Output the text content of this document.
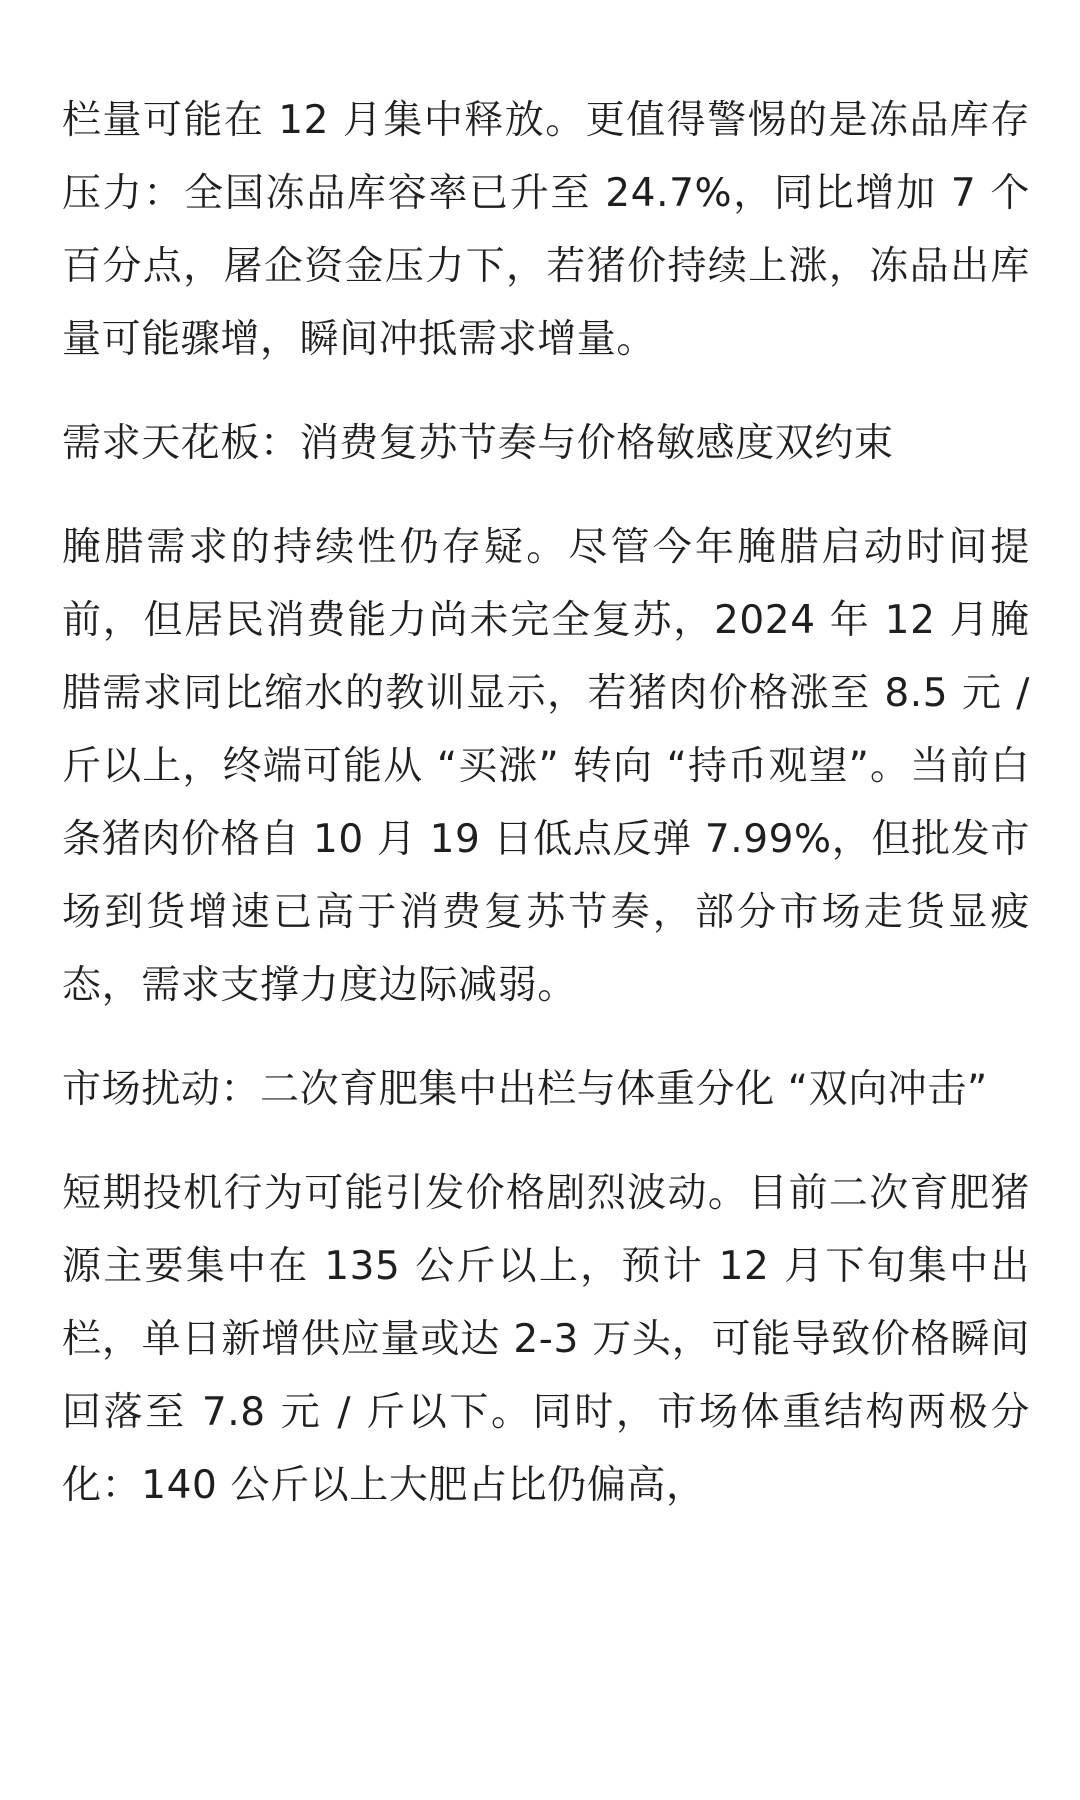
栏量可能在 12 月集中释放。更值得警惕的是冻品库存压力：全国冻品库容率已升至 24.7%，同比增加 7 个百分点，屠企资金压力下，若猪价持续上涨，冻品出库量可能骤增，瞬间冲抵需求增量。

需求天花板：消费复苏节奏与价格敏感度双约束

腌腊需求的持续性仍存疑。尽管今年腌腊启动时间提前，但居民消费能力尚未完全复苏，2024 年 12 月腌腊需求同比缩水的教训显示，若猪肉价格涨至 8.5 元 / 斤以上，终端可能从 “买涨” 转向 “持币观望”。当前白条猪肉价格自 10 月 19 日低点反弹 7.99%，但批发市场到货增速已高于消费复苏节奏，部分市场走货显疲态，需求支撑力度边际减弱。

市场扰动：二次育肥集中出栏与体重分化 “双向冲击”

短期投机行为可能引发价格剧烈波动。目前二次育肥猪源主要集中在 135 公斤以上，预计 12 月下旬集中出栏，单日新增供应量或达 2-3 万头，可能导致价格瞬间回落至 7.8 元 / 斤以下。同时，市场体重结构两极分化：140 公斤以上大肥占比仍偏高，
